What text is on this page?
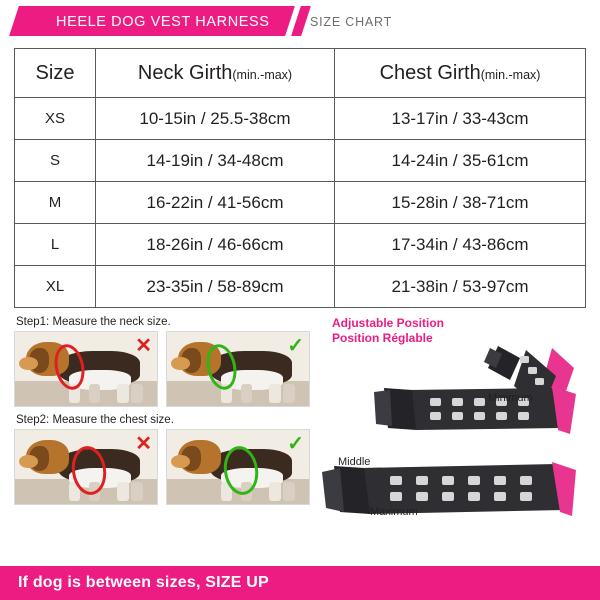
HEELE DOG VEST HARNESS	SIZE CHART
Size	Neck Girth(min.-max)	Chest Girth(min.-max)
XS	10-15in / 25.5-38cm	13-17in / 33-43cm
S	14-19in / 34-48cm	14-24in / 35-61cm
M	16-22in / 41-56cm	15-28in / 38-71cm
L	18-26in / 46-66cm	17-34in / 43-86cm
XL	23-35in / 58-89cm	21-38in / 53-97cm
Step1: Measure the neck size.
✕	✓
Step2: Measure the chest size.
✕	✓
Adjustable Position
Position Réglable
Minimum
Middle
Maximum
If dog is between sizes, SIZE UP
